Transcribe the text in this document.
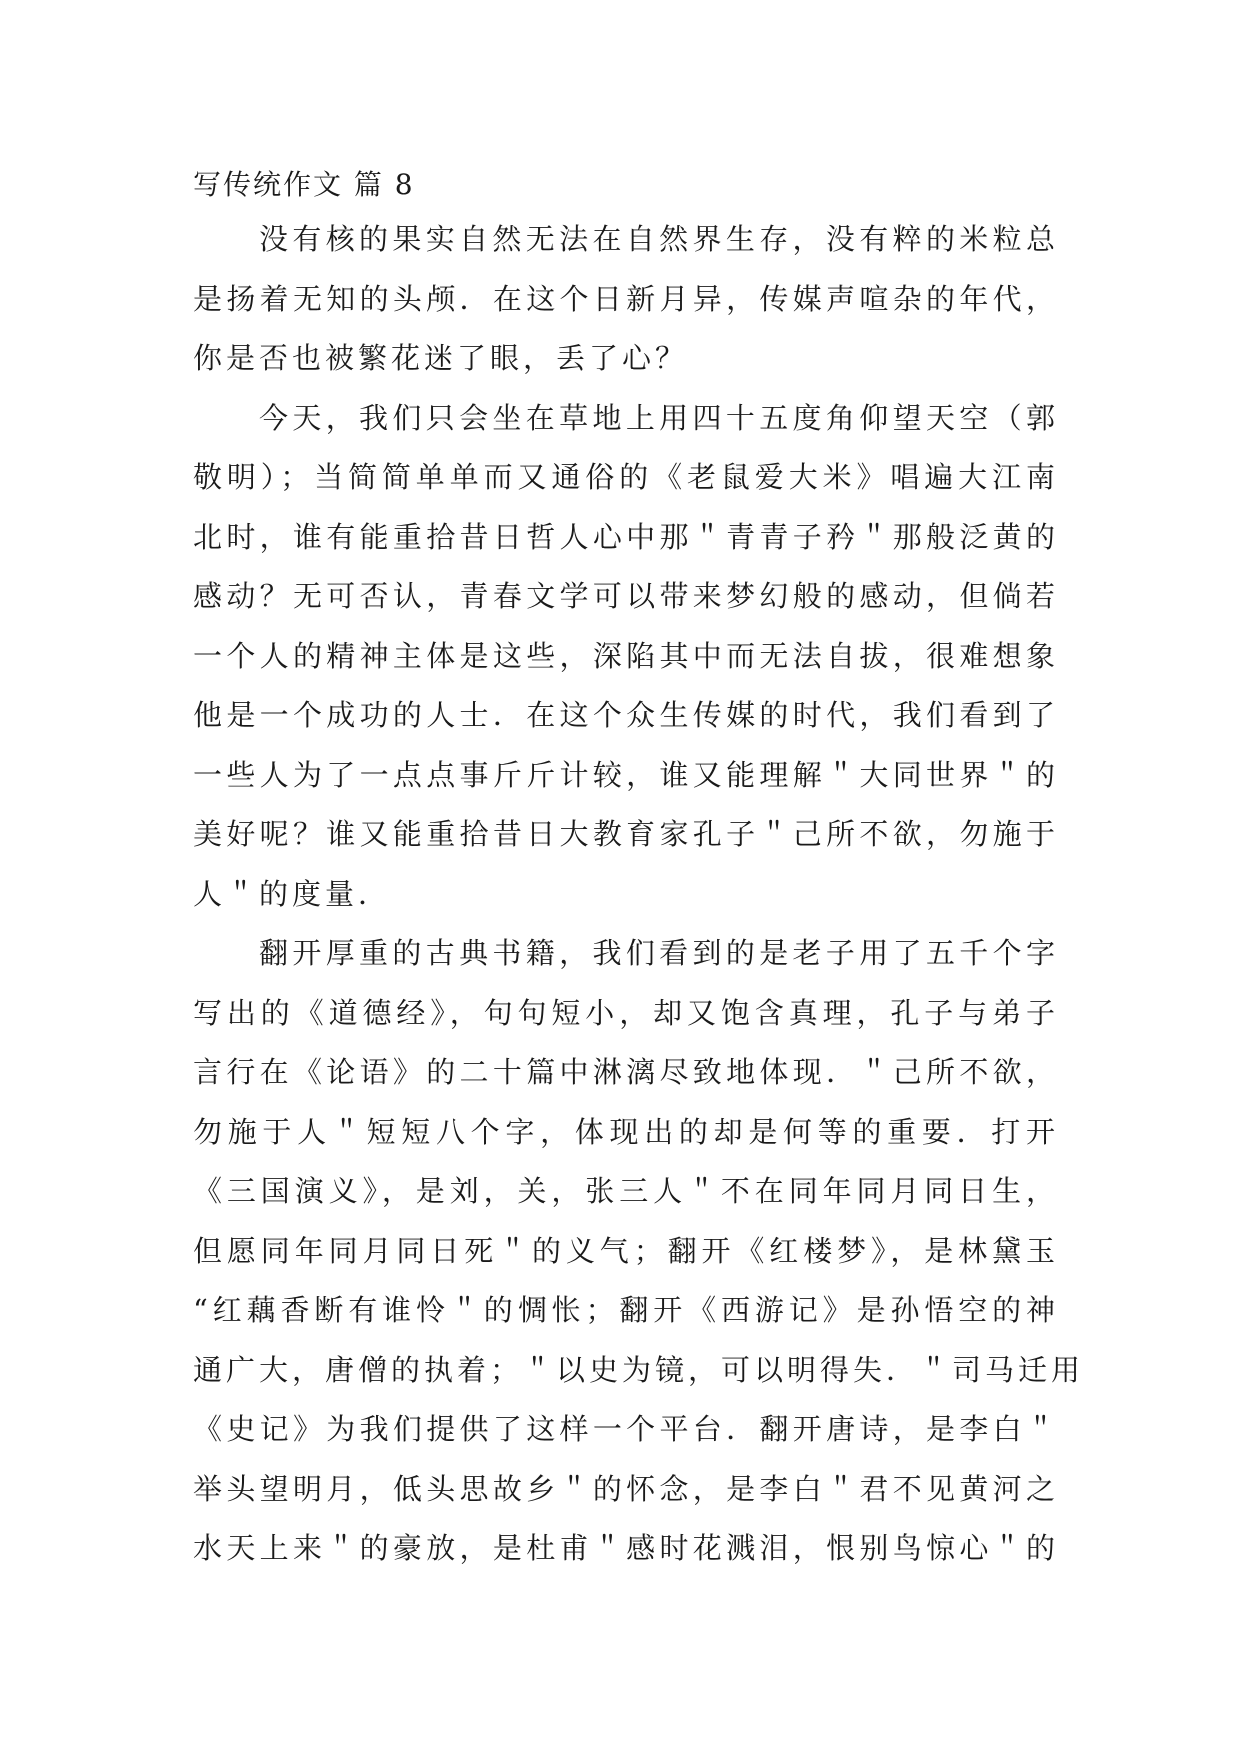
写传统作文 篇 8

没有核的果实自然无法在自然界生存，没有粹的米粒总
是扬着无知的头颅．在这个日新月异，传媒声喧杂的年代，
你是否也被繁花迷了眼，丢了心？

今天，我们只会坐在草地上用四十五度角仰望天空（郭
敬明）；当简简单单而又通俗的《老鼠爱大米》唱遍大江南
北时，谁有能重拾昔日哲人心中那＂青青子矜＂那般泛黄的
感动？无可否认，青春文学可以带来梦幻般的感动，但倘若
一个人的精神主体是这些，深陷其中而无法自拔，很难想象
他是一个成功的人士．在这个众生传媒的时代，我们看到了
一些人为了一点点事斤斤计较，谁又能理解＂大同世界＂的
美好呢？谁又能重拾昔日大教育家孔子＂己所不欲，勿施于
人＂的度量．

翻开厚重的古典书籍，我们看到的是老子用了五千个字
写出的《道德经》，句句短小，却又饱含真理，孔子与弟子
言行在《论语》的二十篇中淋漓尽致地体现．＂己所不欲，
勿施于人＂短短八个字，体现出的却是何等的重要．打开
《三国演义》，是刘，关，张三人＂不在同年同月同日生，
但愿同年同月同日死＂的义气；翻开《红楼梦》，是林黛玉
“红藕香断有谁怜＂的惆怅；翻开《西游记》是孙悟空的神
通广大，唐僧的执着；＂以史为镜，可以明得失．＂司马迁用
《史记》为我们提供了这样一个平台．翻开唐诗，是李白＂
举头望明月，低头思故乡＂的怀念，是李白＂君不见黄河之
水天上来＂的豪放，是杜甫＂感时花溅泪，恨别鸟惊心＂的
